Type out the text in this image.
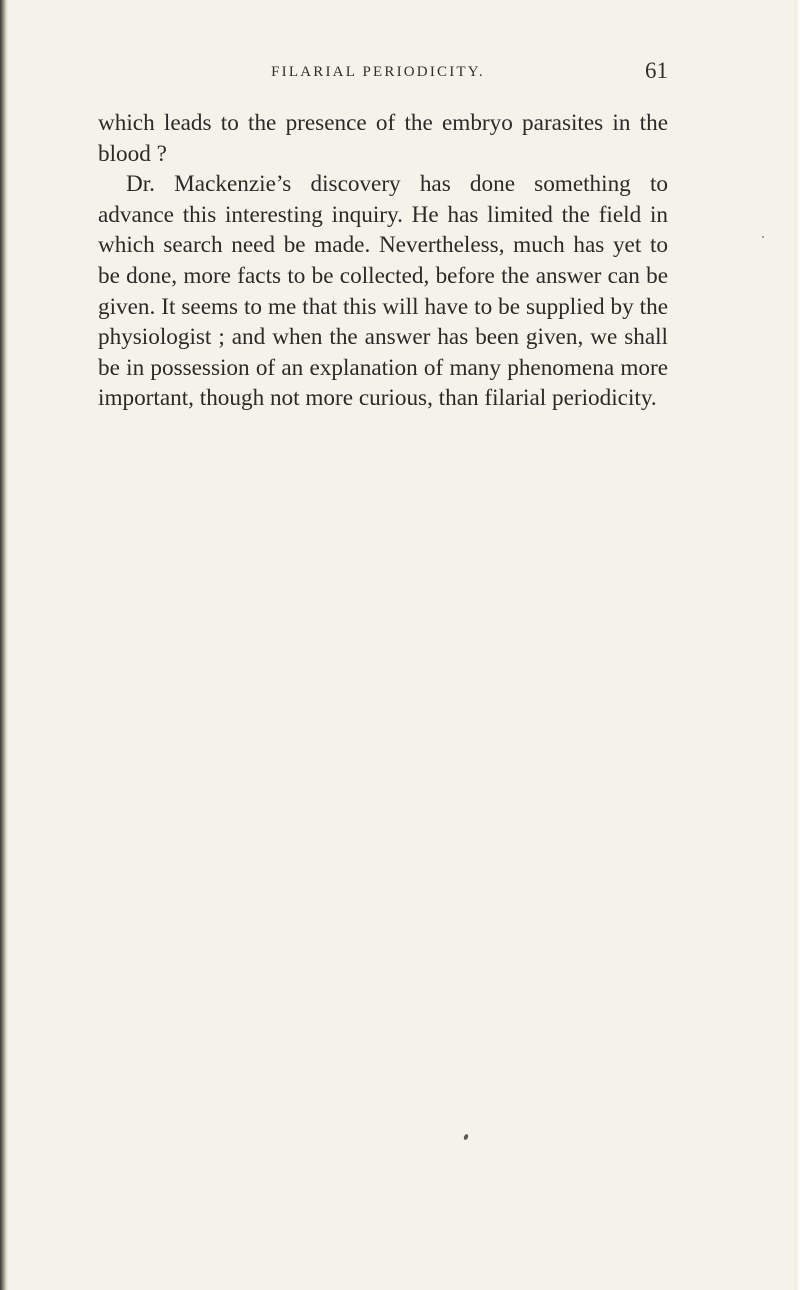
FILARIAL PERIODICITY.	61

which leads to the presence of the embryo parasites in the blood ?

Dr. Mackenzie’s discovery has done something to advance this interesting inquiry. He has limited the field in which search need be made. Nevertheless, much has yet to be done, more facts to be collected, before the answer can be given. It seems to me that this will have to be supplied by the physiologist ; and when the answer has been given, we shall be in possession of an explanation of many phenomena more important, though not more curious, than filarial periodicity.
